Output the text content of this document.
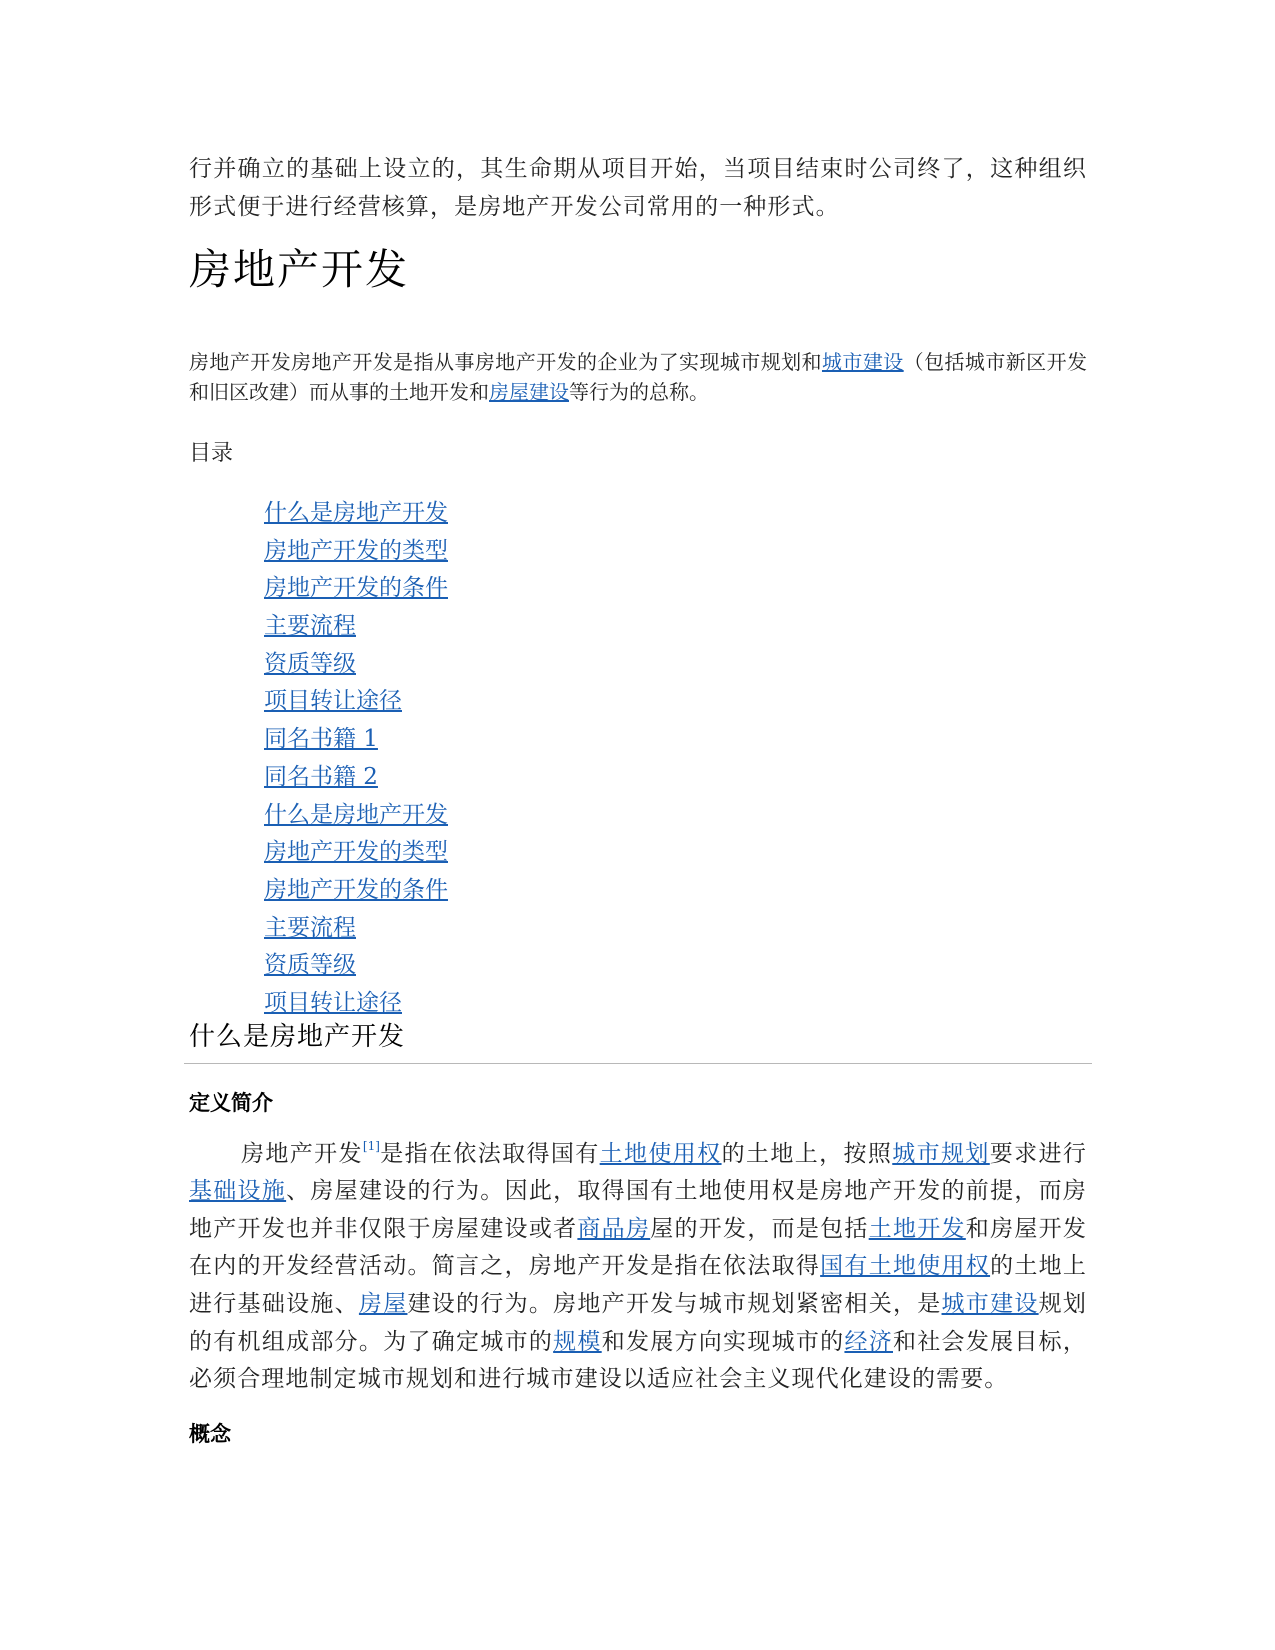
行并确立的基础上设立的，其生命期从项目开始，当项目结束时公司终了，这种组织形式便于进行经营核算，是房地产开发公司常用的一种形式。

房地产开发

房地产开发房地产开发是指从事房地产开发的企业为了实现城市规划和城市建设（包括城市新区开发和旧区改建）而从事的土地开发和房屋建设等行为的总称。

目录
什么是房地产开发
房地产开发的类型
房地产开发的条件
主要流程
资质等级
项目转让途径
同名书籍 1
同名书籍 2
什么是房地产开发
房地产开发的类型
房地产开发的条件
主要流程
资质等级
项目转让途径
什么是房地产开发
定义简介

房地产开发[1]是指在依法取得国有土地使用权的土地上，按照城市规划要求进行基础设施、房屋建设的行为。因此，取得国有土地使用权是房地产开发的前提，而房地产开发也并非仅限于房屋建设或者商品房屋的开发，而是包括土地开发和房屋开发在内的开发经营活动。简言之，房地产开发是指在依法取得国有土地使用权的土地上进行基础设施、房屋建设的行为。房地产开发与城市规划紧密相关，是城市建设规划的有机组成部分。为了确定城市的规模和发展方向实现城市的经济和社会发展目标，必须合理地制定城市规划和进行城市建设以适应社会主义现代化建设的需要。

概念
